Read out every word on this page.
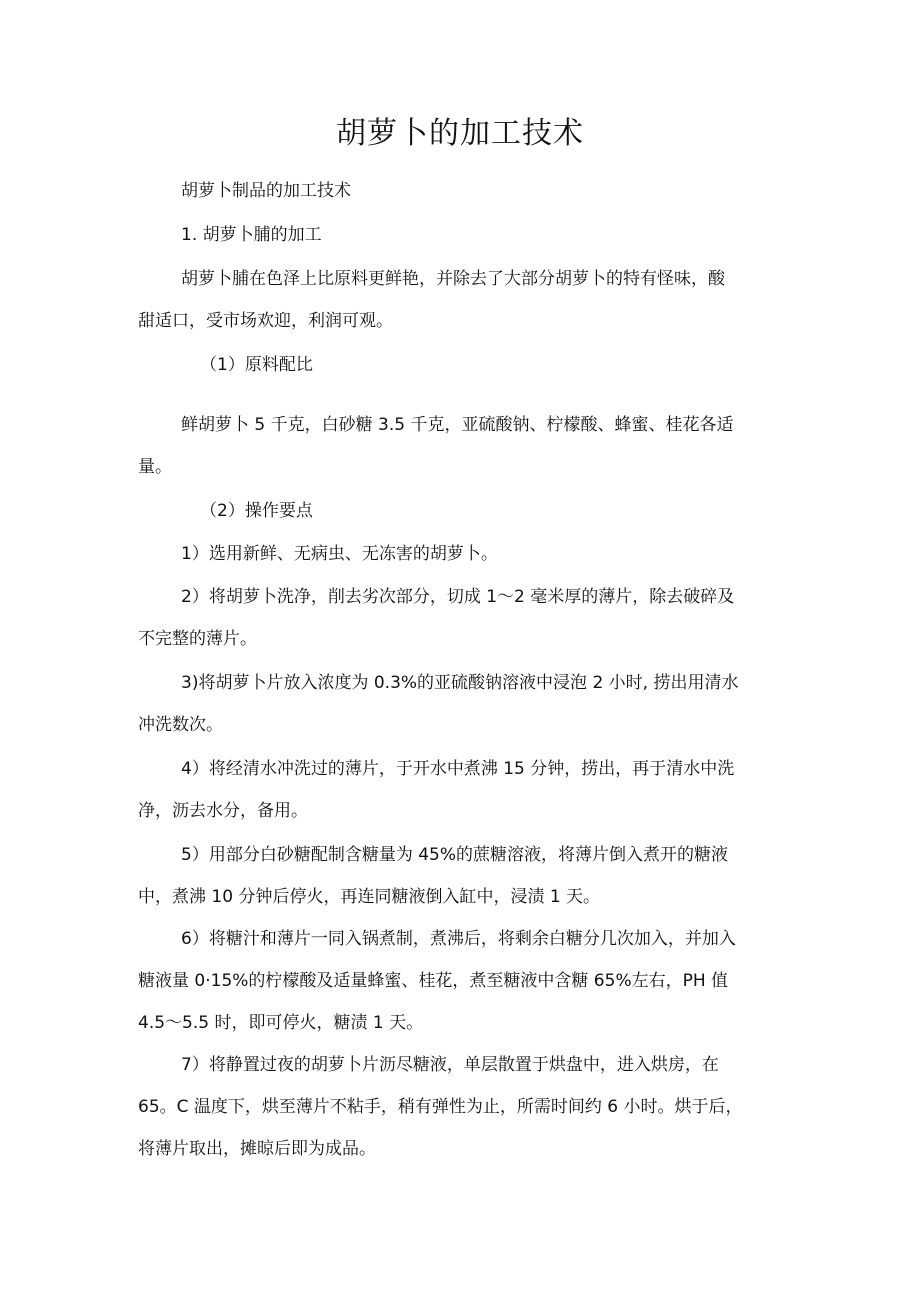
胡萝卜的加工技术

胡萝卜制品的加工技术

1. 胡萝卜脯的加工

胡萝卜脯在色泽上比原料更鲜艳，并除去了大部分胡萝卜的特有怪味，酸
甜适口，受市场欢迎，利润可观。

（1）原料配比

鲜胡萝卜 5 千克，白砂糖 3.5 千克，亚硫酸钠、柠檬酸、蜂蜜、桂花各适
量。

（2）操作要点

1）选用新鲜、无病虫、无冻害的胡萝卜。

2）将胡萝卜洗净，削去劣次部分，切成 1～2 毫米厚的薄片，除去破碎及
不完整的薄片。

3)将胡萝卜片放入浓度为 0.3%的亚硫酸钠溶液中浸泡 2 小时, 捞出用清水
冲洗数次。

4）将经清水冲洗过的薄片，于开水中煮沸 15 分钟，捞出，再于清水中洗
净，沥去水分，备用。

5）用部分白砂糖配制含糖量为 45%的蔗糖溶液，将薄片倒入煮开的糖液
中，煮沸 10 分钟后停火，再连同糖液倒入缸中，浸渍 1 天。

6）将糖汁和薄片一同入锅煮制，煮沸后，将剩余白糖分几次加入，并加入
糖液量 0·15%的柠檬酸及适量蜂蜜、桂花，煮至糖液中含糖 65%左右，PH 值
4.5～5.5 时，即可停火，糖渍 1 天。

7）将静置过夜的胡萝卜片沥尽糖液，单层散置于烘盘中，进入烘房，在
65。C 温度下，烘至薄片不粘手，稍有弹性为止，所需时间约 6 小时。烘于后，
将薄片取出，摊晾后即为成品。
